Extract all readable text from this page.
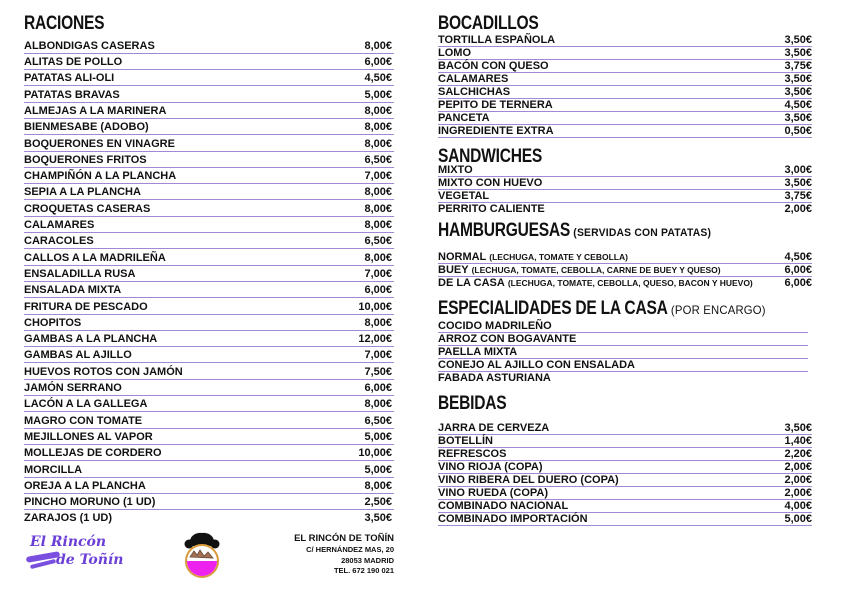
RACIONES
ALBONDIGAS CASERAS	8,00€
ALITAS DE POLLO	6,00€
PATATAS ALI-OLI	4,50€
PATATAS BRAVAS	5,00€
ALMEJAS A LA MARINERA	8,00€
BIENMESABE (ADOBO)	8,00€
BOQUERONES EN VINAGRE	8,00€
BOQUERONES FRITOS	6,50€
CHAMPIÑÓN A LA PLANCHA	7,00€
SEPIA A LA PLANCHA	8,00€
CROQUETAS CASERAS	8,00€
CALAMARES	8,00€
CARACOLES	6,50€
CALLOS A LA MADRILEÑA	8,00€
ENSALADILLA RUSA	7,00€
ENSALADA MIXTA	6,00€
FRITURA DE PESCADO	10,00€
CHOPITOS	8,00€
GAMBAS A LA PLANCHA	12,00€
GAMBAS AL AJILLO	7,00€
HUEVOS ROTOS CON JAMÓN	7,50€
JAMÓN SERRANO	6,00€
LACÓN A LA GALLEGA	8,00€
MAGRO CON TOMATE	6,50€
MEJILLONES AL VAPOR	5,00€
MOLLEJAS DE CORDERO	10,00€
MORCILLA	5,00€
OREJA A LA PLANCHA	8,00€
PINCHO MORUNO (1 UD)	2,50€
ZARAJOS (1 UD)	3,50€
BOCADILLOS
TORTILLA ESPAÑOLA	3,50€
LOMO	3,50€
BACÓN CON QUESO	3,75€
CALAMARES	3,50€
SALCHICHAS	3,50€
PEPITO DE TERNERA	4,50€
PANCETA	3,50€
INGREDIENTE EXTRA	0,50€
SANDWICHES
MIXTO	3,00€
MIXTO CON HUEVO	3,50€
VEGETAL	3,75€
PERRITO CALIENTE	2,00€
HAMBURGUESAS (SERVIDAS CON PATATAS)
NORMAL (LECHUGA, TOMATE Y CEBOLLA)	4,50€
BUEY (LECHUGA, TOMATE, CEBOLLA, CARNE DE BUEY Y QUESO)	6,00€
DE LA CASA (LECHUGA, TOMATE, CEBOLLA, QUESO, BACON Y HUEVO)	6,00€
ESPECIALIDADES DE LA CASA (POR ENCARGO)
COCIDO MADRILEÑO
ARROZ CON BOGAVANTE
PAELLA MIXTA
CONEJO AL AJILLO CON ENSALADA
FABADA ASTURIANA
BEBIDAS
JARRA DE CERVEZA	3,50€
BOTELLÍN	1,40€
REFRESCOS	2,20€
VINO RIOJA (COPA)	2,00€
VINO RIBERA DEL DUERO (COPA)	2,00€
VINO RUEDA (COPA)	2,00€
COMBINADO NACIONAL	4,00€
COMBINADO IMPORTACIÓN	5,00€
El Rincón
de Toñín
EL RINCÓN DE TOÑÍN
C/ HERNÁNDEZ MAS, 20
28053 MADRID
TEL. 672 190 021
